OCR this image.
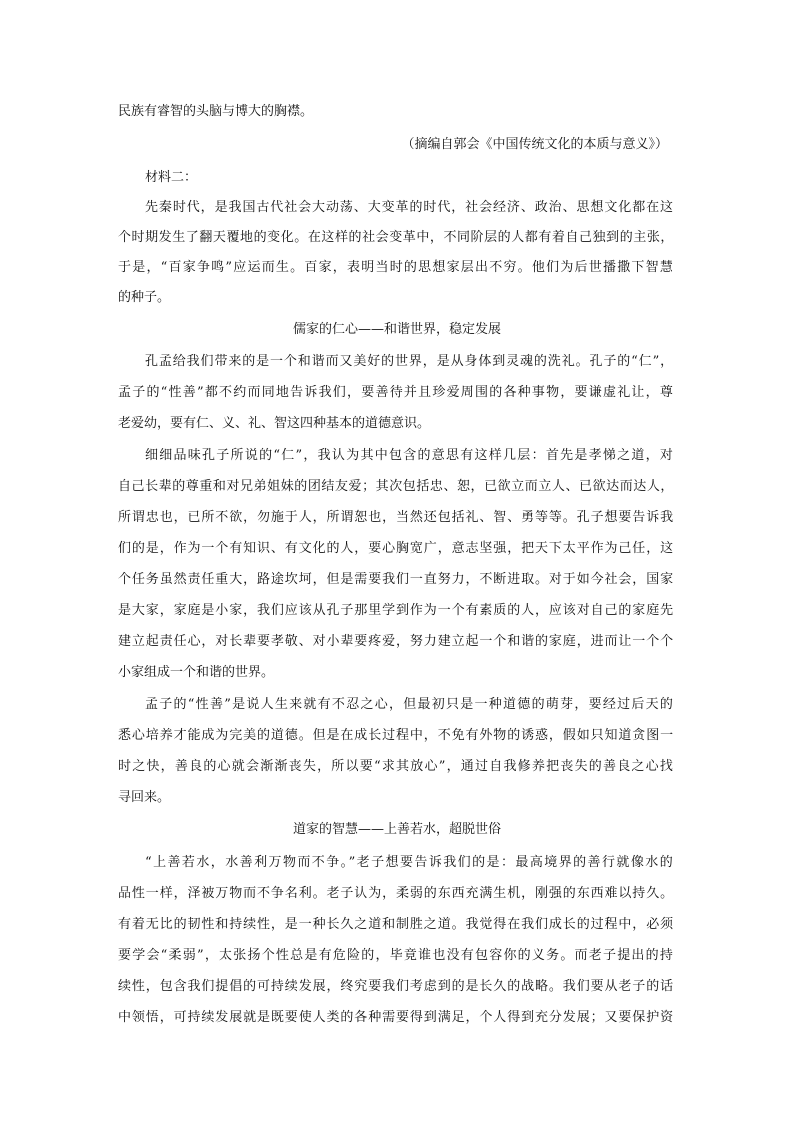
民族有睿智的头脑与博大的胸襟。
（摘编自郭会《中国传统文化的本质与意义》）
材料二：
先秦时代，是我国古代社会大动荡、大变革的时代，社会经济、政治、思想文化都在这
个时期发生了翻天覆地的变化。在这样的社会变革中，不同阶层的人都有着自己独到的主张，
于是，“百家争鸣”应运而生。百家，表明当时的思想家层出不穷。他们为后世播撒下智慧
的种子。
儒家的仁心——和谐世界，稳定发展
孔孟给我们带来的是一个和谐而又美好的世界，是从身体到灵魂的洗礼。孔子的“仁”，
孟子的“性善”都不约而同地告诉我们，要善待并且珍爱周围的各种事物，要谦虚礼让，尊
老爱幼，要有仁、义、礼、智这四种基本的道德意识。
细细品味孔子所说的“仁”，我认为其中包含的意思有这样几层：首先是孝悌之道，对
自己长辈的尊重和对兄弟姐妹的团结友爱；其次包括忠、恕，已欲立而立人、已欲达而达人，
所谓忠也，已所不欲，勿施于人，所谓恕也，当然还包括礼、智、勇等等。孔子想要告诉我
们的是，作为一个有知识、有文化的人，要心胸宽广，意志坚强，把天下太平作为己任，这
个任务虽然责任重大，路途坎坷，但是需要我们一直努力，不断进取。对于如今社会，国家
是大家，家庭是小家，我们应该从孔子那里学到作为一个有素质的人，应该对自己的家庭先
建立起责任心，对长辈要孝敬、对小辈要疼爱，努力建立起一个和谐的家庭，进而让一个个
小家组成一个和谐的世界。
孟子的“性善”是说人生来就有不忍之心，但最初只是一种道德的萌芽，要经过后天的
悉心培养才能成为完美的道德。但是在成长过程中，不免有外物的诱惑，假如只知道贪图一
时之快，善良的心就会渐渐丧失，所以要“求其放心”，通过自我修养把丧失的善良之心找
寻回来。
道家的智慧——上善若水，超脱世俗
“上善若水，水善利万物而不争。”老子想要告诉我们的是：最高境界的善行就像水的
品性一样，泽被万物而不争名利。老子认为，柔弱的东西充满生机，刚强的东西难以持久。
有着无比的韧性和持续性，是一种长久之道和制胜之道。我觉得在我们成长的过程中，必须
要学会“柔弱”，太张扬个性总是有危险的，毕竟谁也没有包容你的义务。而老子提出的持
续性，包含我们提倡的可持续发展，终究要我们考虑到的是长久的战略。我们要从老子的话
中领悟，可持续发展就是既要使人类的各种需要得到满足，个人得到充分发展；又要保护资
